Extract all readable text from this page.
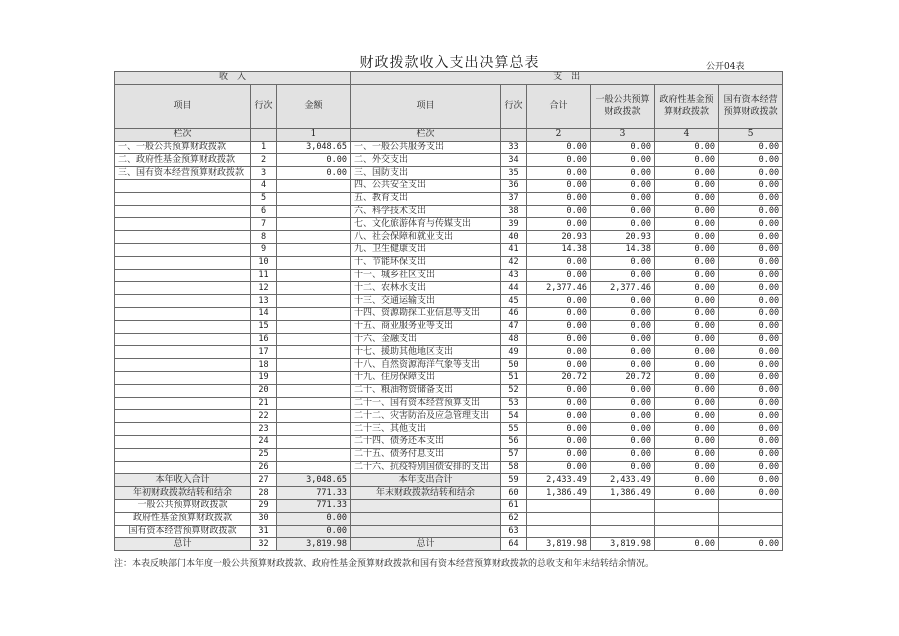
财政拨款收入支出决算总表	公开04表
收　入			支　出					
项目	行次	金额	项目	行次	合计	一般公共预算财政拨款	政府性基金预算财政拨款	国有资本经营预算财政拨款
栏次		1	栏次		2	3	4	5
一、一般公共预算财政拨款	1	3,048.65	一、一般公共服务支出	33	0.00	0.00	0.00	0.00
二、政府性基金预算财政拨款	2	0.00	二、外交支出	34	0.00	0.00	0.00	0.00
三、国有资本经营预算财政拨款	3	0.00	三、国防支出	35	0.00	0.00	0.00	0.00
	4		四、公共安全支出	36	0.00	0.00	0.00	0.00
	5		五、教育支出	37	0.00	0.00	0.00	0.00
	6		六、科学技术支出	38	0.00	0.00	0.00	0.00
	7		七、文化旅游体育与传媒支出	39	0.00	0.00	0.00	0.00
	8		八、社会保障和就业支出	40	20.93	20.93	0.00	0.00
	9		九、卫生健康支出	41	14.38	14.38	0.00	0.00
	10		十、节能环保支出	42	0.00	0.00	0.00	0.00
	11		十一、城乡社区支出	43	0.00	0.00	0.00	0.00
	12		十二、农林水支出	44	2,377.46	2,377.46	0.00	0.00
	13		十三、交通运输支出	45	0.00	0.00	0.00	0.00
	14		十四、资源勘探工业信息等支出	46	0.00	0.00	0.00	0.00
	15		十五、商业服务业等支出	47	0.00	0.00	0.00	0.00
	16		十六、金融支出	48	0.00	0.00	0.00	0.00
	17		十七、援助其他地区支出	49	0.00	0.00	0.00	0.00
	18		十八、自然资源海洋气象等支出	50	0.00	0.00	0.00	0.00
	19		十九、住房保障支出	51	20.72	20.72	0.00	0.00
	20		二十、粮油物资储备支出	52	0.00	0.00	0.00	0.00
	21		二十一、国有资本经营预算支出	53	0.00	0.00	0.00	0.00
	22		二十二、灾害防治及应急管理支出	54	0.00	0.00	0.00	0.00
	23		二十三、其他支出	55	0.00	0.00	0.00	0.00
	24		二十四、债务还本支出	56	0.00	0.00	0.00	0.00
	25		二十五、债务付息支出	57	0.00	0.00	0.00	0.00
	26		二十六、抗疫特别国债安排的支出	58	0.00	0.00	0.00	0.00
本年收入合计	27	3,048.65	本年支出合计	59	2,433.49	2,433.49	0.00	0.00
年初财政拨款结转和结余	28	771.33	年末财政拨款结转和结余	60	1,386.49	1,386.49	0.00	0.00
一般公共预算财政拨款	29	771.33		61				
政府性基金预算财政拨款	30	0.00		62				
国有资本经营预算财政拨款	31	0.00		63				
总计	32	3,819.98	总计	64	3,819.98	3,819.98	0.00	0.00
注：本表反映部门本年度一般公共预算财政拨款、政府性基金预算财政拨款和国有资本经营预算财政拨款的总收支和年末结转结余情况。
